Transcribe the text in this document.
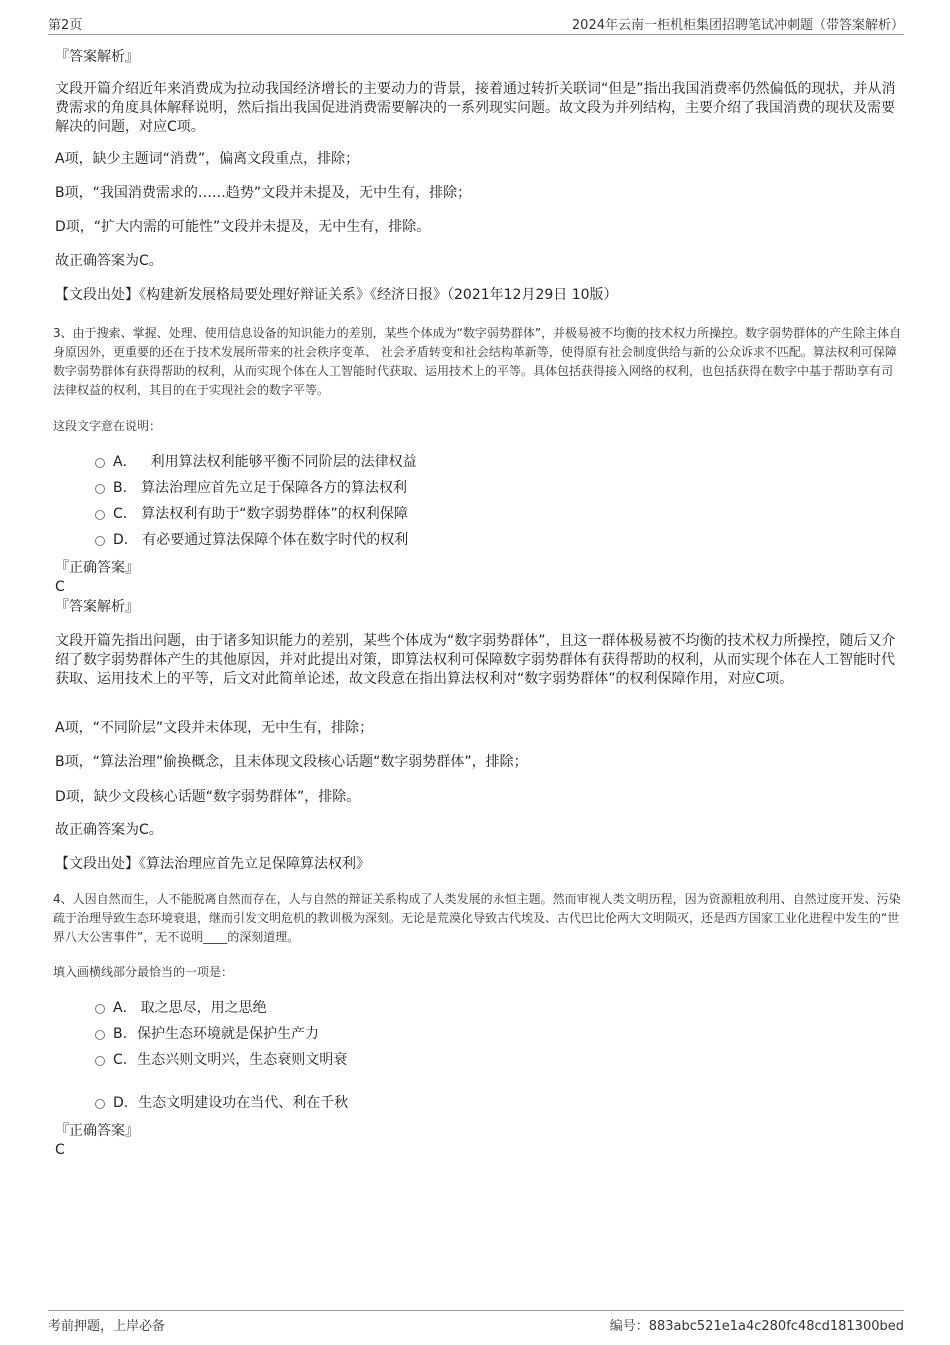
第2页	2024年云南一柜机柜集团招聘笔试冲刺题（带答案解析）
『答案解析』
文段开篇介绍近年来消费成为拉动我国经济增长的主要动力的背景，接着通过转折关联词“但是”指出我国消费率仍然偏低的现状，并从消费需求的角度具体解释说明，然后指出我国促进消费需要解决的一系列现实问题。故文段为并列结构，主要介绍了我国消费的现状及需要解决的问题，对应C项。
A项，缺少主题词“消费”，偏离文段重点，排除；
B项，“我国消费需求的……趋势”文段并未提及，无中生有，排除；
D项，“扩大内需的可能性”文段并未提及，无中生有，排除。
故正确答案为C。
【文段出处】《构建新发展格局要处理好辩证关系》《经济日报》（2021年12月29日 10版）
3、由于搜索、掌握、处理、使用信息设备的知识能力的差别，某些个体成为“数字弱势群体”，并极易被不均衡的技术权力所操控。数字弱势群体的产生除主体自身原因外，更重要的还在于技术发展所带来的社会秩序变革、 社会矛盾转变和社会结构革新等，使得原有社会制度供给与新的公众诉求不匹配。算法权利可保障数字弱势群体有获得帮助的权利，从而实现个体在人工智能时代获取、运用技术上的平等。具体包括获得接入网络的权利，也包括获得在数字中基于帮助享有司法律权益的权利，其目的在于实现社会的数字平等。
这段文字意在说明：
A． 利用算法权利能够平衡不同阶层的法律权益
B. 算法治理应首先立足于保障各方的算法权利
C. 算法权利有助于“数字弱势群体”的权利保障
D. 有必要通过算法保障个体在数字时代的权利
『正确答案』
C
『答案解析』
文段开篇先指出问题，由于诸多知识能力的差别，某些个体成为“数字弱势群体”，且这一群体极易被不均衡的技术权力所操控，随后又介绍了数字弱势群体产生的其他原因，并对此提出对策，即算法权利可保障数字弱势群体有获得帮助的权利，从而实现个体在人工智能时代获取、运用技术上的平等，后文对此简单论述，故文段意在指出算法权利对“数字弱势群体”的权利保障作用，对应C项。
A项，“不同阶层”文段并未体现，无中生有，排除；
B项，“算法治理”偷换概念，且未体现文段核心话题“数字弱势群体”，排除；
D项，缺少文段核心话题“数字弱势群体”，排除。
故正确答案为C。
【文段出处】《算法治理应首先立足保障算法权利》
4、人因自然而生，人不能脱离自然而存在，人与自然的辩证关系构成了人类发展的永恒主题。然而审视人类文明历程，因为资源粗放利用、自然过度开发、污染疏于治理导致生态环境衰退，继而引发文明危机的教训极为深刻。无论是荒漠化导致古代埃及、古代巴比伦两大文明陨灭，还是西方国家工业化进程中发生的“世界八大公害事件”，无不说明____的深刻道理。
填入画横线部分最恰当的一项是：
A． 取之思尽，用之思绝
B. 保护生态环境就是保护生产力
C. 生态兴则文明兴，生态衰则文明衰
D. 生态文明建设功在当代、利在千秋
『正确答案』
C
考前押题，上岸必备	编号：883abc521e1a4c280fc48cd181300bed
